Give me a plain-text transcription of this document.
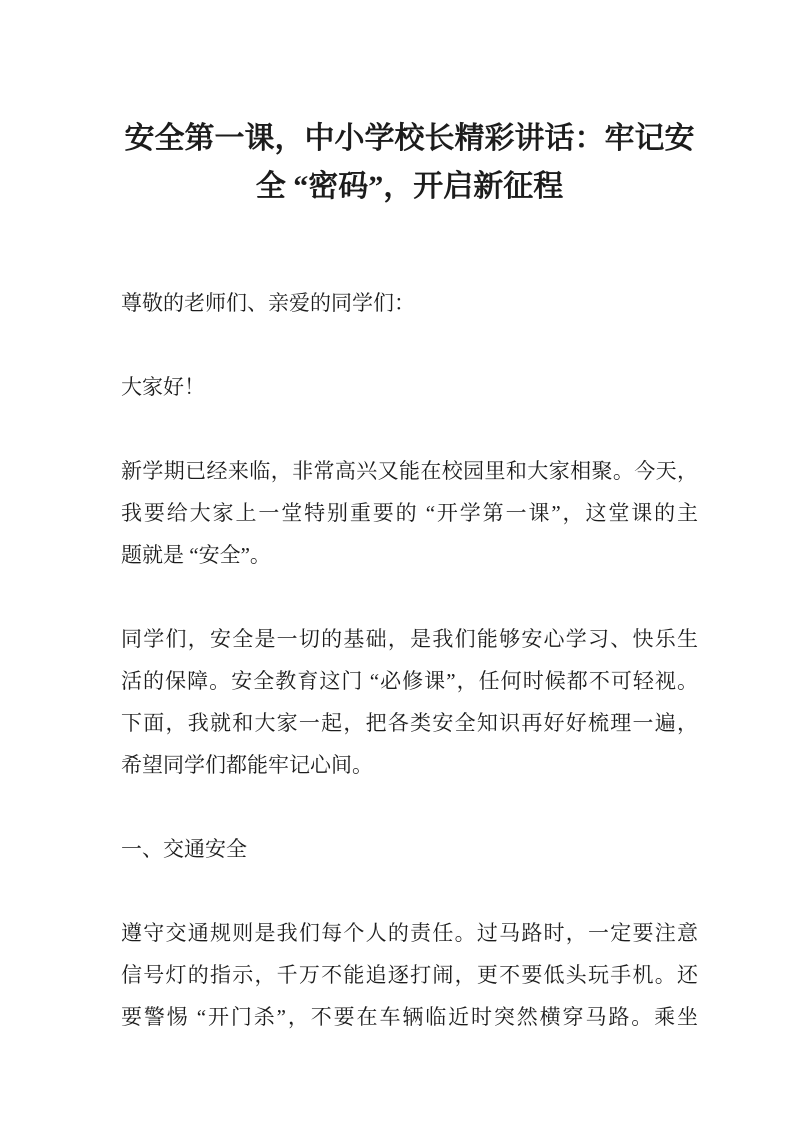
安全第一课，中小学校长精彩讲话：牢记安
全 “密码”，开启新征程
尊敬的老师们、亲爱的同学们：
大家好！
新学期已经来临，非常高兴又能在校园里和大家相聚。今天，
我要给大家上一堂特别重要的 “开学第一课”，这堂课的主
题就是 “安全”。
同学们，安全是一切的基础，是我们能够安心学习、快乐生
活的保障。安全教育这门 “必修课”，任何时候都不可轻视。
下面，我就和大家一起，把各类安全知识再好好梳理一遍，
希望同学们都能牢记心间。
一、交通安全
遵守交通规则是我们每个人的责任。过马路时，一定要注意
信号灯的指示，千万不能追逐打闹，更不要低头玩手机。还
要警惕 “开门杀”，不要在车辆临近时突然横穿马路。乘坐
